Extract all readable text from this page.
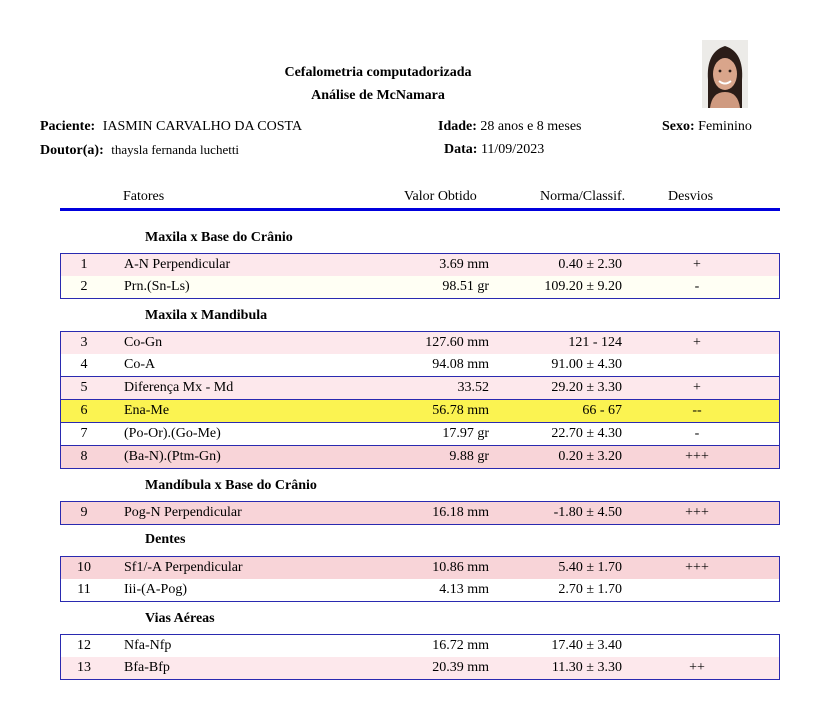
Cefalometria computadorizada
Análise de McNamara
Paciente: IASMIN CARVALHO DA COSTA	Idade: 28 anos e 8 meses	Sexo: Feminino
Doutor(a): thaysla fernanda luchetti	Data: 11/09/2023
Fatores	Valor Obtido	Norma/Classif.	Desvios
Maxila x Base do Crânio
Maxila x Mandibula
Mandíbula x Base do Crânio
Dentes
Vias Aéreas
1	A-N Perpendicular	3.69 mm	0.40 ± 2.30	+
2	Prn.(Sn-Ls)	98.51 gr	109.20 ± 9.20	-
3	Co-Gn	127.60 mm	121 - 124	+
4	Co-A	94.08 mm	91.00 ± 4.30
5	Diferença Mx - Md	33.52	29.20 ± 3.30	+
6	Ena-Me	56.78 mm	66 - 67	--
7	(Po-Or).(Go-Me)	17.97 gr	22.70 ± 4.30	-
8	(Ba-N).(Ptm-Gn)	9.88 gr	0.20 ± 3.20	+++
9	Pog-N Perpendicular	16.18 mm	-1.80 ± 4.50	+++
10	Sf1/-A Perpendicular	10.86 mm	5.40 ± 1.70	+++
11	Iii-(A-Pog)	4.13 mm	2.70 ± 1.70
12	Nfa-Nfp	16.72 mm	17.40 ± 3.40
13	Bfa-Bfp	20.39 mm	11.30 ± 3.30	++
